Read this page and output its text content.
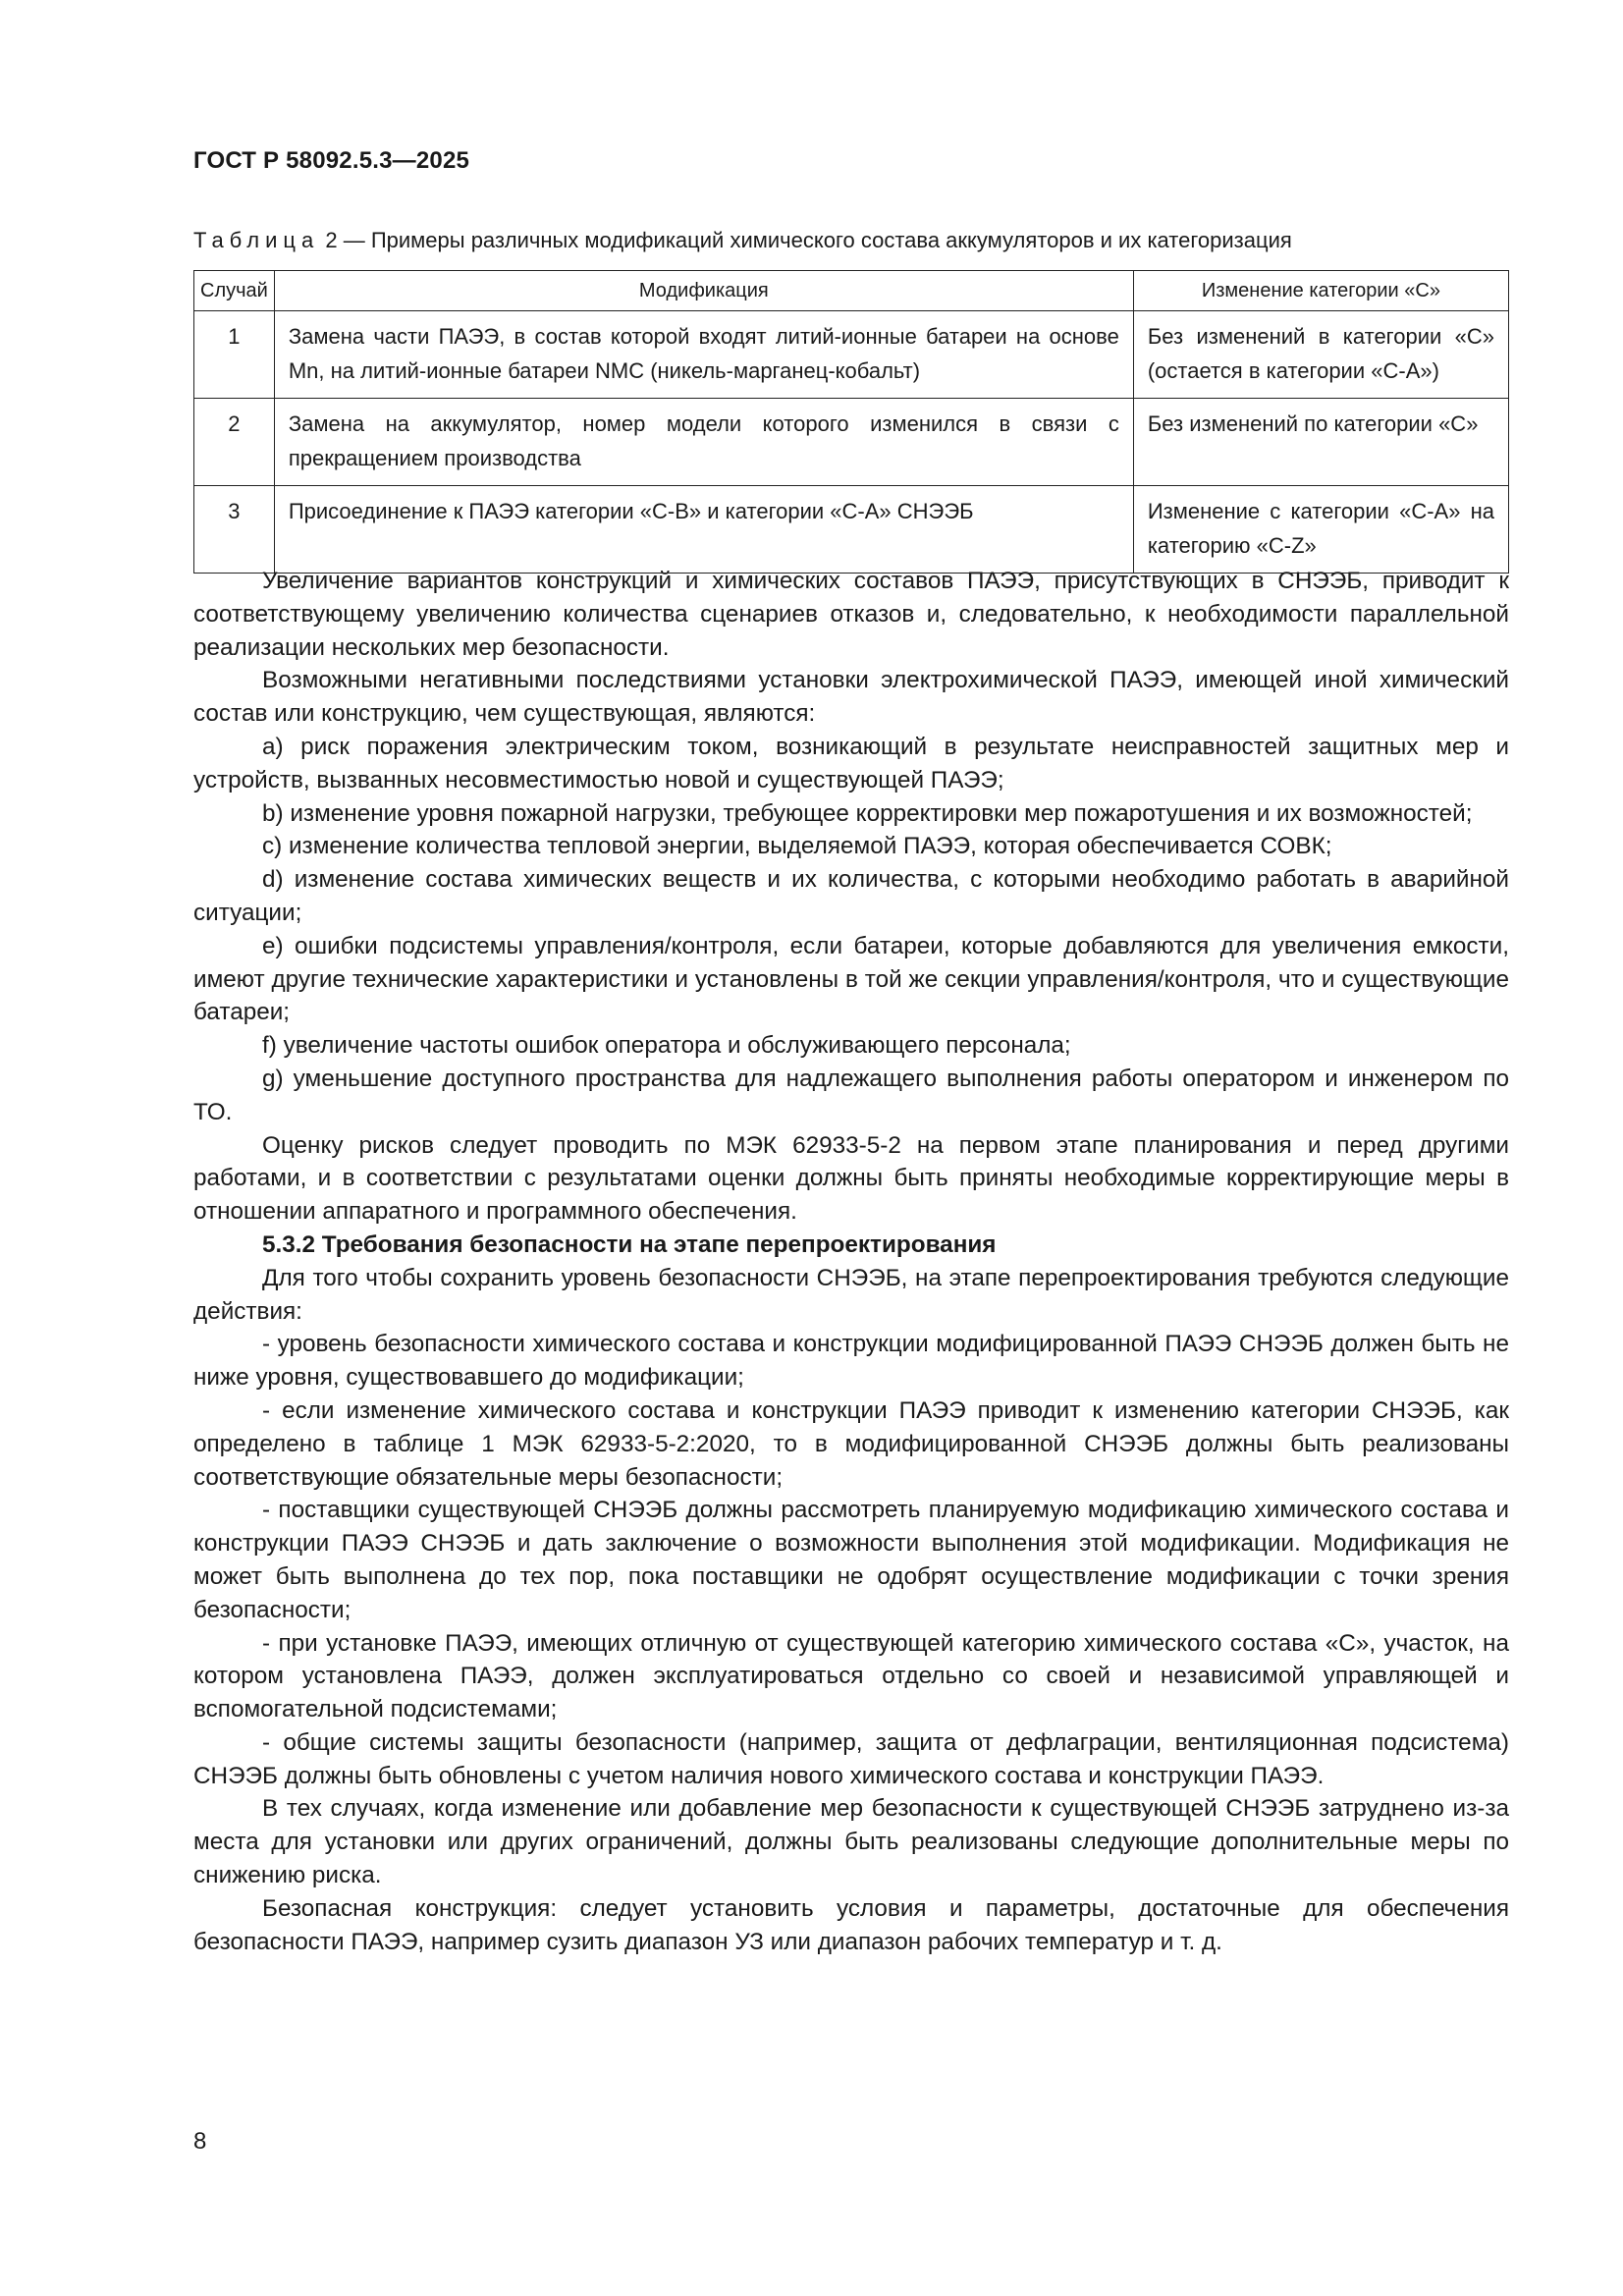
ГОСТ Р 58092.5.3—2025
Таблица 2 — Примеры различных модификаций химического состава аккумуляторов и их категоризация
Случай	Модификация	Изменение категории «С»
1	Замена части ПАЭЭ, в состав которой входят литий-ионные батареи на основе Mn, на литий-ионные батареи NMC (никель-марганец-кобальт)	Без изменений в категории «С» (остается в категории «С-А»)
2	Замена на аккумулятор, номер модели которого изменился в связи с прекращением производства	Без изменений по категории «С»
3	Присоединение к ПАЭЭ категории «С-В» и категории «С-А» СНЭЭБ	Изменение с категории «С-А» на категорию «С-Z»

Увеличение вариантов конструкций и химических составов ПАЭЭ, присутствующих в СНЭЭБ, приводит к соответствующему увеличению количества сценариев отказов и, следовательно, к необходимости параллельной реализации нескольких мер безопасности.

Возможными негативными последствиями установки электрохимической ПАЭЭ, имеющей иной химический состав или конструкцию, чем существующая, являются:

a) риск поражения электрическим током, возникающий в результате неисправностей защитных мер и устройств, вызванных несовместимостью новой и существующей ПАЭЭ;

b) изменение уровня пожарной нагрузки, требующее корректировки мер пожаротушения и их возможностей;

c) изменение количества тепловой энергии, выделяемой ПАЭЭ, которая обеспечивается СОВК;

d) изменение состава химических веществ и их количества, с которыми необходимо работать в аварийной ситуации;

e) ошибки подсистемы управления/контроля, если батареи, которые добавляются для увеличения емкости, имеют другие технические характеристики и установлены в той же секции управления/контроля, что и существующие батареи;

f) увеличение частоты ошибок оператора и обслуживающего персонала;

g) уменьшение доступного пространства для надлежащего выполнения работы оператором и инженером по ТО.

Оценку рисков следует проводить по МЭК 62933-5-2 на первом этапе планирования и перед другими работами, и в соответствии с результатами оценки должны быть приняты необходимые корректирующие меры в отношении аппаратного и программного обеспечения.

5.3.2 Требования безопасности на этапе перепроектирования

Для того чтобы сохранить уровень безопасности СНЭЭБ, на этапе перепроектирования требуются следующие действия:

- уровень безопасности химического состава и конструкции модифицированной ПАЭЭ СНЭЭБ должен быть не ниже уровня, существовавшего до модификации;

- если изменение химического состава и конструкции ПАЭЭ приводит к изменению категории СНЭЭБ, как определено в таблице 1 МЭК 62933-5-2:2020, то в модифицированной СНЭЭБ должны быть реализованы соответствующие обязательные меры безопасности;

- поставщики существующей СНЭЭБ должны рассмотреть планируемую модификацию химического состава и конструкции ПАЭЭ СНЭЭБ и дать заключение о возможности выполнения этой модификации. Модификация не может быть выполнена до тех пор, пока поставщики не одобрят осуществление модификации с точки зрения безопасности;

- при установке ПАЭЭ, имеющих отличную от существующей категорию химического состава «С», участок, на котором установлена ПАЭЭ, должен эксплуатироваться отдельно со своей и независимой управляющей и вспомогательной подсистемами;

- общие системы защиты безопасности (например, защита от дефлаграции, вентиляционная подсистема) СНЭЭБ должны быть обновлены с учетом наличия нового химического состава и конструкции ПАЭЭ.

В тех случаях, когда изменение или добавление мер безопасности к существующей СНЭЭБ затруднено из-за места для установки или других ограничений, должны быть реализованы следующие дополнительные меры по снижению риска.

Безопасная конструкция: следует установить условия и параметры, достаточные для обеспечения безопасности ПАЭЭ, например сузить диапазон УЗ или диапазон рабочих температур и т. д.

8
